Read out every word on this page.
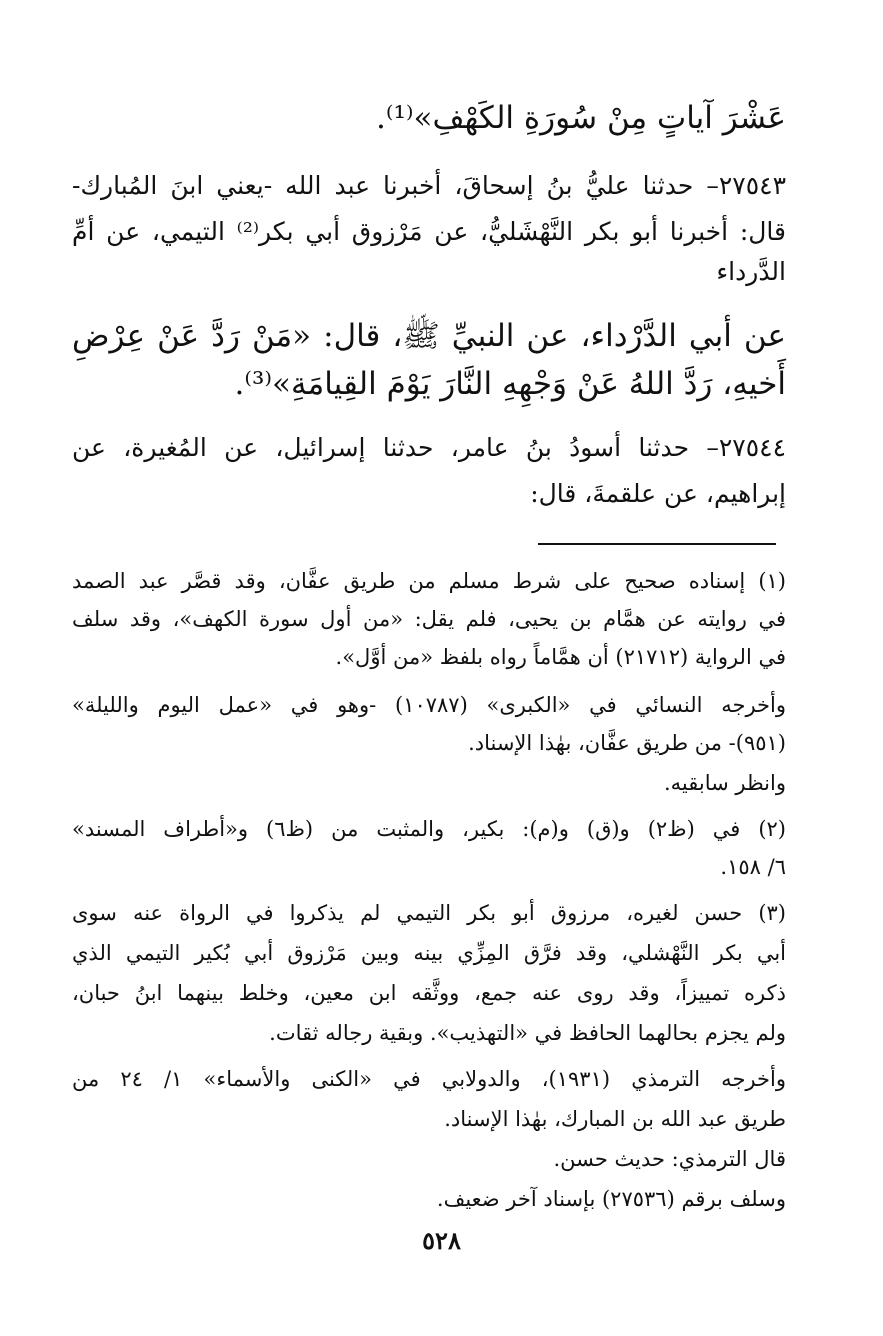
عَشْرَ آياتٍ مِنْ سُورَةِ الكَهْفِ»⁽¹⁾.
٢٧٥٤٣– حدثنا عليُّ بنُ إسحاقَ، أخبرنا عبد الله -يعني ابنَ المُبارك-
قال: أخبرنا أبو بكر النَّهْشَليُّ، عن مَرْزوق أبي بكر⁽²⁾ التيمي، عن أمِّ
الدَّرداء
عن أبي الدَّرْداء، عن النبيِّ ﷺ، قال: «مَنْ رَدَّ عَنْ عِرْضِ
أَخيهِ، رَدَّ اللهُ عَنْ وَجْهِهِ النَّارَ يَوْمَ القِيامَةِ»⁽³⁾.
٢٧٥٤٤– حدثنا أسودُ بنُ عامر، حدثنا إسرائيل، عن المُغيرة، عن
إبراهيم، عن علقمةَ، قال:
(١) إسناده صحيح على شرط مسلم من طريق عفَّان، وقد قصَّر عبد الصمد
في روايته عن همَّام بن يحيى، فلم يقل: «من أول سورة الكهف»، وقد سلف
في الرواية (٢١٧١٢) أن همَّاماً رواه بلفظ «من أوَّل».
وأخرجه النسائي في «الكبرى» (١٠٧٨٧) -وهو في «عمل اليوم والليلة»
(٩٥١)- من طريق عفَّان، بهٰذا الإسناد.
وانظر سابقيه.
(٢) في (ظ٢) و(ق) و(م): بكير، والمثبت من (ظ٦) و«أطراف المسند»
٦/ ١٥٨.
(٣) حسن لغيره، مرزوق أبو بكر التيمي لم يذكروا في الرواة عنه سوى
أبي بكر النَّهْشلي، وقد فرَّق المِزِّي بينه وبين مَرْزوق أبي بُكير التيمي الذي
ذكره تمييزاً، وقد روى عنه جمع، ووثَّقه ابن معين، وخلط بينهما ابنُ حبان،
ولم يجزم بحالهما الحافظ في «التهذيب». وبقية رجاله ثقات.
وأخرجه الترمذي (١٩٣١)، والدولابي في «الكنى والأسماء» ١/ ٢٤ من
طريق عبد الله بن المبارك، بهٰذا الإسناد.
قال الترمذي: حديث حسن.
وسلف برقم (٢٧٥٣٦) بإسناد آخر ضعيف.
٥٢٨
